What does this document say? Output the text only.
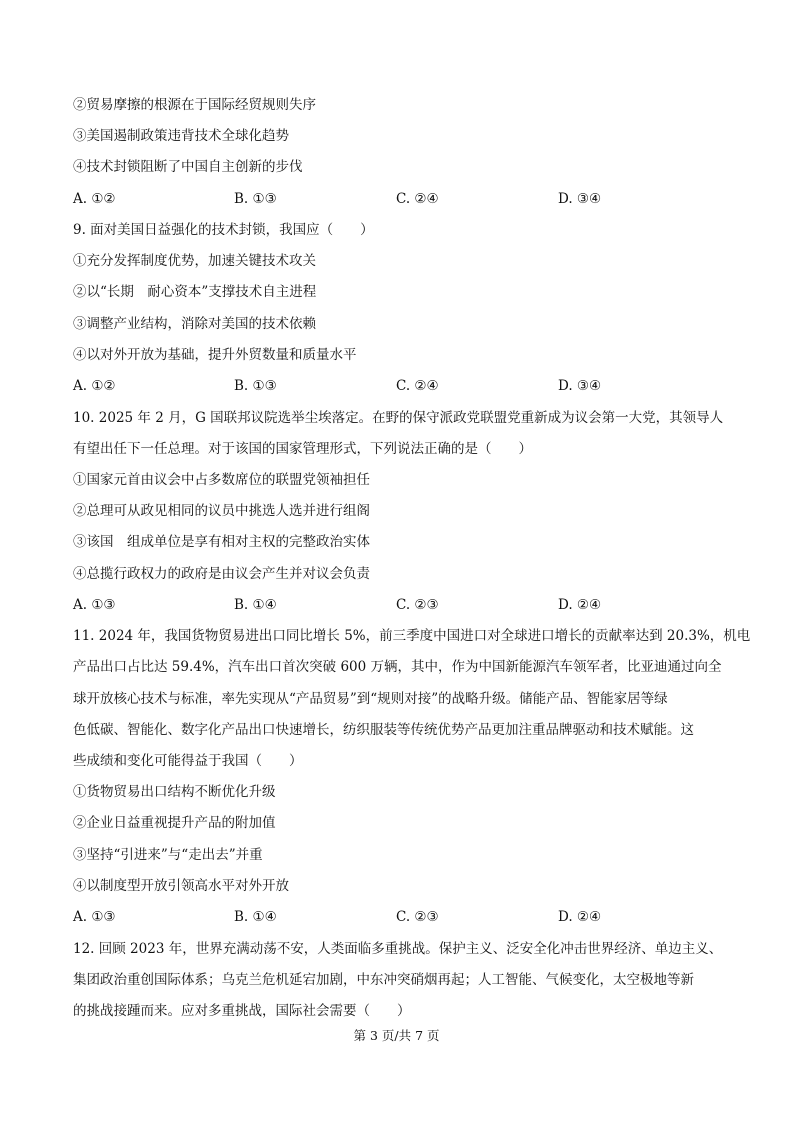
②贸易摩擦的根源在于国际经贸规则失序
③美国遏制政策违背技术全球化趋势
④技术封锁阻断了中国自主创新的步伐
A. ①②	B. ①③	C. ②④	D. ③④
9. 面对美国日益强化的技术封锁，我国应（　　）
①充分发挥制度优势，加速关键技术攻关
②以“长期　耐心资本”支撑技术自主进程
③调整产业结构，消除对美国的技术依赖
④以对外开放为基础，提升外贸数量和质量水平
A. ①②	B. ①③	C. ②④	D. ③④
10. 2025 年 2 月，G 国联邦议院选举尘埃落定。在野的保守派政党联盟党重新成为议会第一大党，其领导人
有望出任下一任总理。对于该国的国家管理形式，下列说法正确的是（　　）
①国家元首由议会中占多数席位的联盟党领袖担任
②总理可从政见相同的议员中挑选人选并进行组阁
③该国　组成单位是享有相对主权的完整政治实体
④总揽行政权力的政府是由议会产生并对议会负责
A. ①③	B. ①④	C. ②③	D. ②④
11. 2024 年，我国货物贸易进出口同比增长 5%，前三季度中国进口对全球进口增长的贡献率达到 20.3%，机电
产品出口占比达 59.4%，汽车出口首次突破 600 万辆，其中，作为中国新能源汽车领军者，比亚迪通过向全
球开放核心技术与标准，率先实现从“产品贸易”到“规则对接”的战略升级。储能产品、智能家居等绿
色低碳、智能化、数字化产品出口快速增长，纺织服装等传统优势产品更加注重品牌驱动和技术赋能。这
些成绩和变化可能得益于我国（　　）
①货物贸易出口结构不断优化升级
②企业日益重视提升产品的附加值
③坚持“引进来”与“走出去”并重
④以制度型开放引领高水平对外开放
A. ①③	B. ①④	C. ②③	D. ②④
12. 回顾 2023 年，世界充满动荡不安，人类面临多重挑战。保护主义、泛安全化冲击世界经济、单边主义、
集团政治重创国际体系；乌克兰危机延宕加剧，中东冲突硝烟再起；人工智能、气候变化，太空极地等新
的挑战接踵而来。应对多重挑战，国际社会需要（　　）
第 3 页/共 7 页
